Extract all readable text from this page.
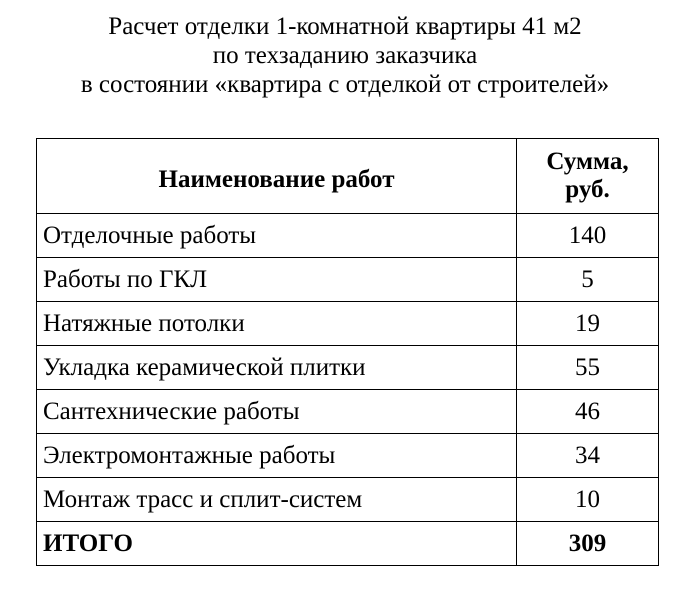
Расчет отделки 1-комнатной квартиры 41 м2
по техзаданию заказчика
в состоянии «квартира с отделкой от строителей»
Наименование работ	Сумма,
руб.

Отделочные работы	140
Работы по ГКЛ	5
Натяжные потолки	19
Укладка керамической плитки	55
Сантехнические работы	46
Электромонтажные работы	34
Монтаж трасс и сплит-систем	10
ИТОГО	309
